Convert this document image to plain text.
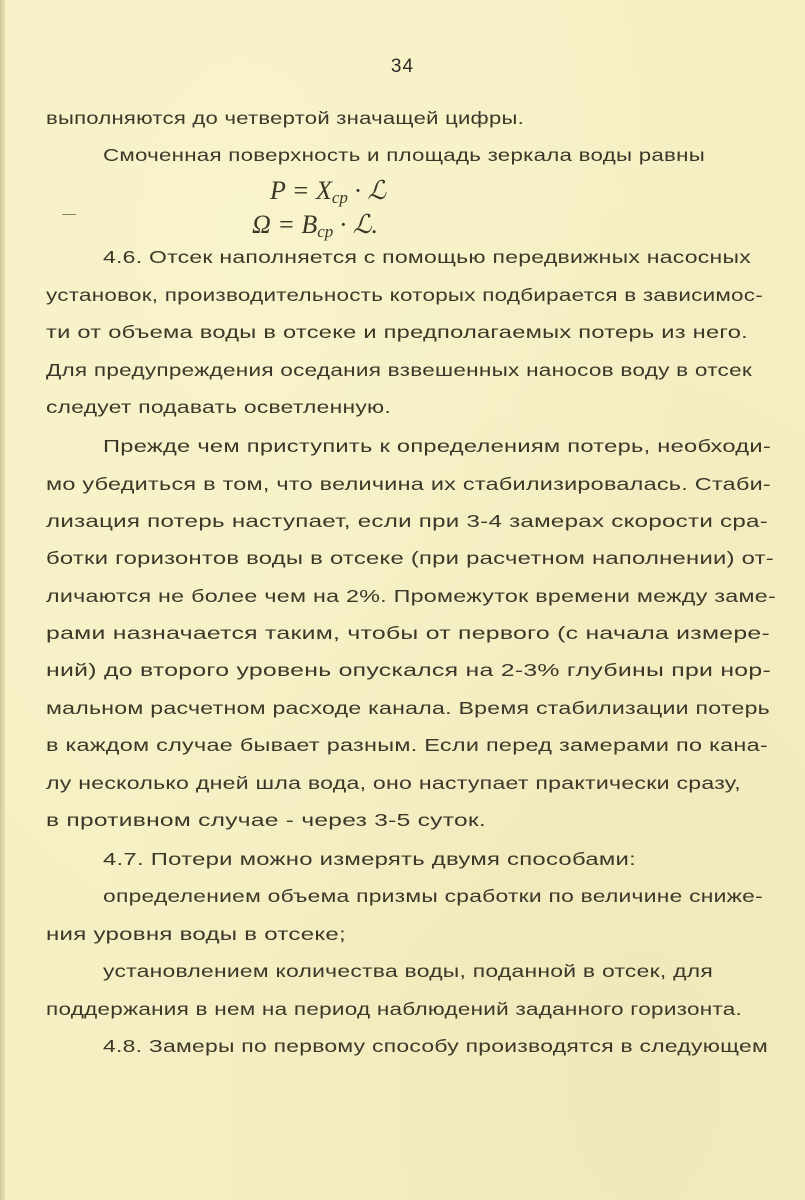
34
выполняются до четвертой значащей цифры.
Смоченная поверхность и площадь зеркала воды равны
4.6. Отсек наполняется с помощью передвижных насосных
установок, производительность которых подбирается в зависимос-
ти от объема воды в отсеке и предполагаемых потерь из него.
Для предупреждения оседания взвешенных наносов воду в отсек
следует подавать осветленную.
Прежде чем приступить к определениям потерь, необходи-
мо убедиться в том, что величина их стабилизировалась. Стаби-
лизация потерь наступает, если при 3-4 замерах скорости сра-
ботки горизонтов воды в отсеке (при расчетном наполнении) от-
личаются не более чем на 2%. Промежуток времени между заме-
рами назначается таким, чтобы от первого (с начала измере-
ний) до второго уровень опускался на 2-3% глубины при нор-
мальном расчетном расходе канала. Время стабилизации потерь
в каждом случае бывает разным. Если перед замерами по кана-
лу несколько дней шла вода, оно наступает практически сразу,
в противном случае - через 3-5 суток.
4.7. Потери можно измерять двумя способами:
определением объема призмы сработки по величине сниже-
ния уровня воды в отсеке;
установлением количества воды, поданной в отсек, для
поддержания в нем на период наблюдений заданного горизонта.
4.8. Замеры по первому способу производятся в следующем
$P = X_{ср}$ · ℒ
$\Omega = B_{ср}$ · ℒ.
